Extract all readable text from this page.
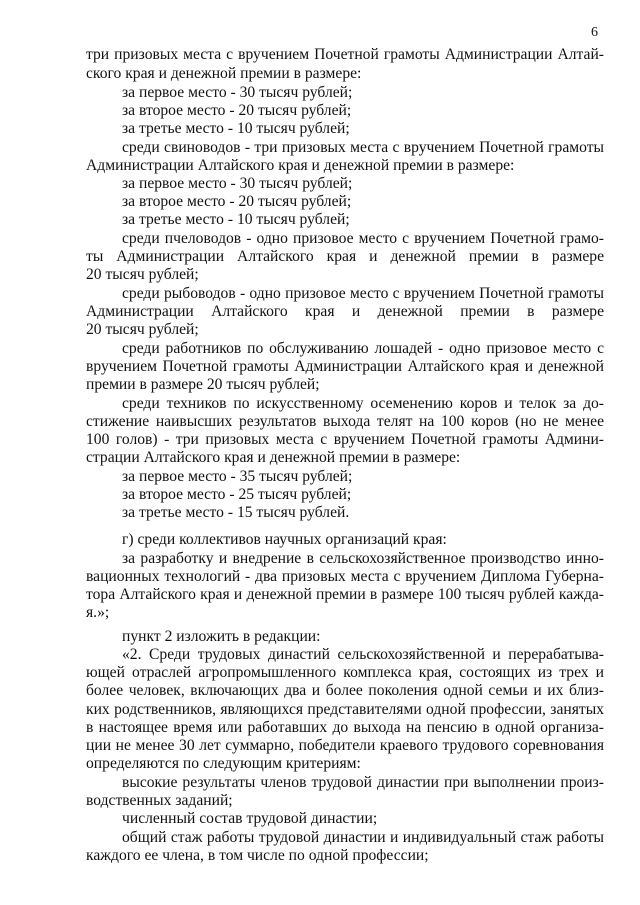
6
три призовых места с вручением Почетной грамоты Администрации Алтай-
ского края и денежной премии в размере:
за первое место - 30 тысяч рублей;
за второе место - 20 тысяч рублей;
за третье место - 10 тысяч рублей;
среди свиноводов - три призовых места с вручением Почетной грамоты
Администрации Алтайского края и денежной премии в размере:
за первое место - 30 тысяч рублей;
за второе место - 20 тысяч рублей;
за третье место - 10 тысяч рублей;
среди пчеловодов - одно призовое место с вручением Почетной грамо-
ты Администрации Алтайского края и денежной премии в размере
20 тысяч рублей;
среди рыбоводов - одно призовое место с вручением Почетной грамоты
Администрации Алтайского края и денежной премии в размере
20 тысяч рублей;
среди работников по обслуживанию лошадей - одно призовое место с
вручением Почетной грамоты Администрации Алтайского края и денежной
премии в размере 20 тысяч рублей;
среди техников по искусственному осеменению коров и телок за до-
стижение наивысших результатов выхода телят на 100 коров (но не менее
100 голов) - три призовых места с вручением Почетной грамоты Админи-
страции Алтайского края и денежной премии в размере:
за первое место - 35 тысяч рублей;
за второе место - 25 тысяч рублей;
за третье место - 15 тысяч рублей.
г) среди коллективов научных организаций края:
за разработку и внедрение в сельскохозяйственное производство инно-
вационных технологий - два призовых места с вручением Диплома Губерна-
тора Алтайского края и денежной премии в размере 100 тысяч рублей кажда-
я.»;
пункт 2 изложить в редакции:
«2. Среди трудовых династий сельскохозяйственной и перерабатыва-
ющей отраслей агропромышленного комплекса края, состоящих из трех и
более человек, включающих два и более поколения одной семьи и их близ-
ких родственников, являющихся представителями одной профессии, занятых
в настоящее время или работавших до выхода на пенсию в одной организа-
ции не менее 30 лет суммарно, победители краевого трудового соревнования
определяются по следующим критериям:
высокие результаты членов трудовой династии при выполнении произ-
водственных заданий;
численный состав трудовой династии;
общий стаж работы трудовой династии и индивидуальный стаж работы
каждого ее члена, в том числе по одной профессии;
